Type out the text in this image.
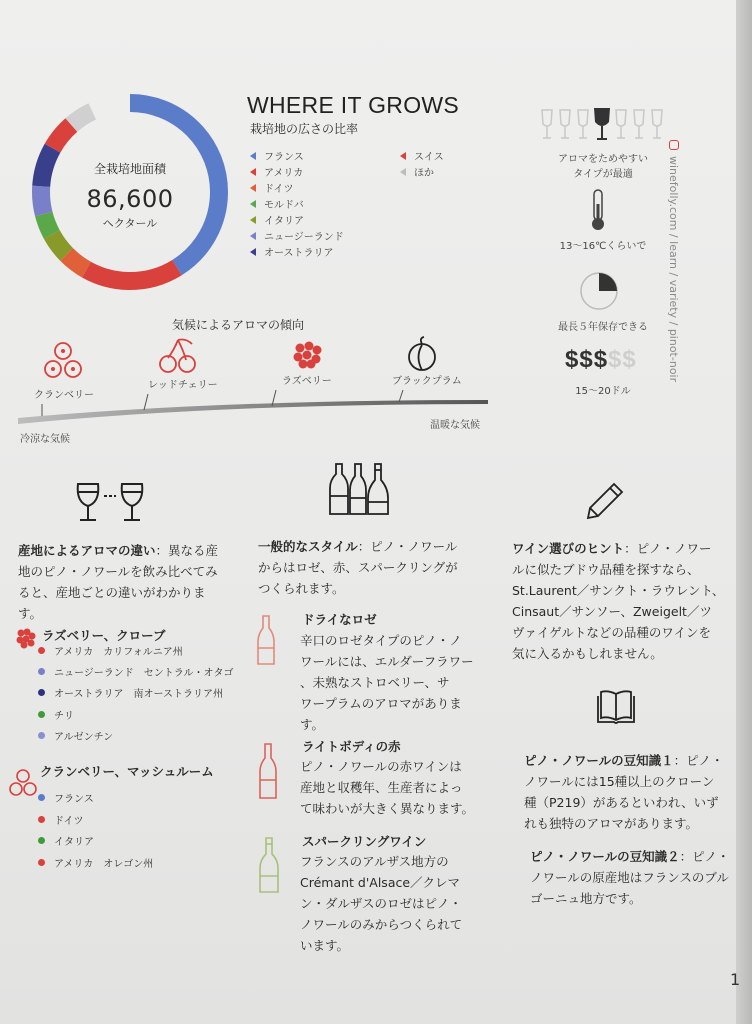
全栽培地面積
86,600
ヘクタール
WHERE IT GROWS
栽培地の広さの比率
フランス
アメリカ
ドイツ
モルドバ
イタリア
ニュージーランド
オーストラリア
スイス
ほか
アロマをためやすい
タイプが最適
13〜16℃くらいで
最長５年保存できる
$$$$$
15〜20ドル
winefolly.com / learn / variety / pinot-noir
気候によるアロマの傾向
クランベリー
レッドチェリー	ラズベリー	ブラックプラム
冷涼な気候
温暖な気候
産地によるアロマの違い：異なる産
地のピノ・ノワールを飲み比べてみ
ると、産地ごとの違いがわかります。
ラズベリー、クローブ
アメリカ　カリフォルニア州
ニュージーランド　セントラル・オタゴ
オーストラリア　南オーストラリア州
チリ
アルゼンチン
クランベリー、マッシュルーム
フランス
ドイツ
イタリア
アメリカ　オレゴン州
一般的なスタイル：ピノ・ノワール
からはロゼ、赤、スパークリングが
つくられます。
ドライなロゼ
辛口のロゼタイプのピノ・ノ
ワールには、エルダーフラワー
、未熟なストロベリー、サ
ワープラムのアロマがありま
す。
ライトボディの赤
ピノ・ノワールの赤ワインは
産地と収穫年、生産者によっ
て味わいが大きく異なります。
スパークリングワイン
フランスのアルザス地方の
Crémant d'Alsace／クレマ
ン・ダルザスのロゼはピノ・
ノワールのみからつくられて
います。
ワイン選びのヒント：ピノ・ノワー
ルに似たブドウ品種を探すなら、
St.Laurent／サンクト・ラウレント、
Cinsaut／サンソー、Zweigelt／ツ
ヴァイゲルトなどの品種のワインを
気に入るかもしれません。
ピノ・ノワールの豆知識１：ピノ・
ノワールには15種以上のクローン
種（P219）があるといわれ、いず
れも独特のアロマがあります。
ピノ・ノワールの豆知識２：ピノ・
ノワールの原産地はフランスのブル
ゴーニュ地方です。
1
